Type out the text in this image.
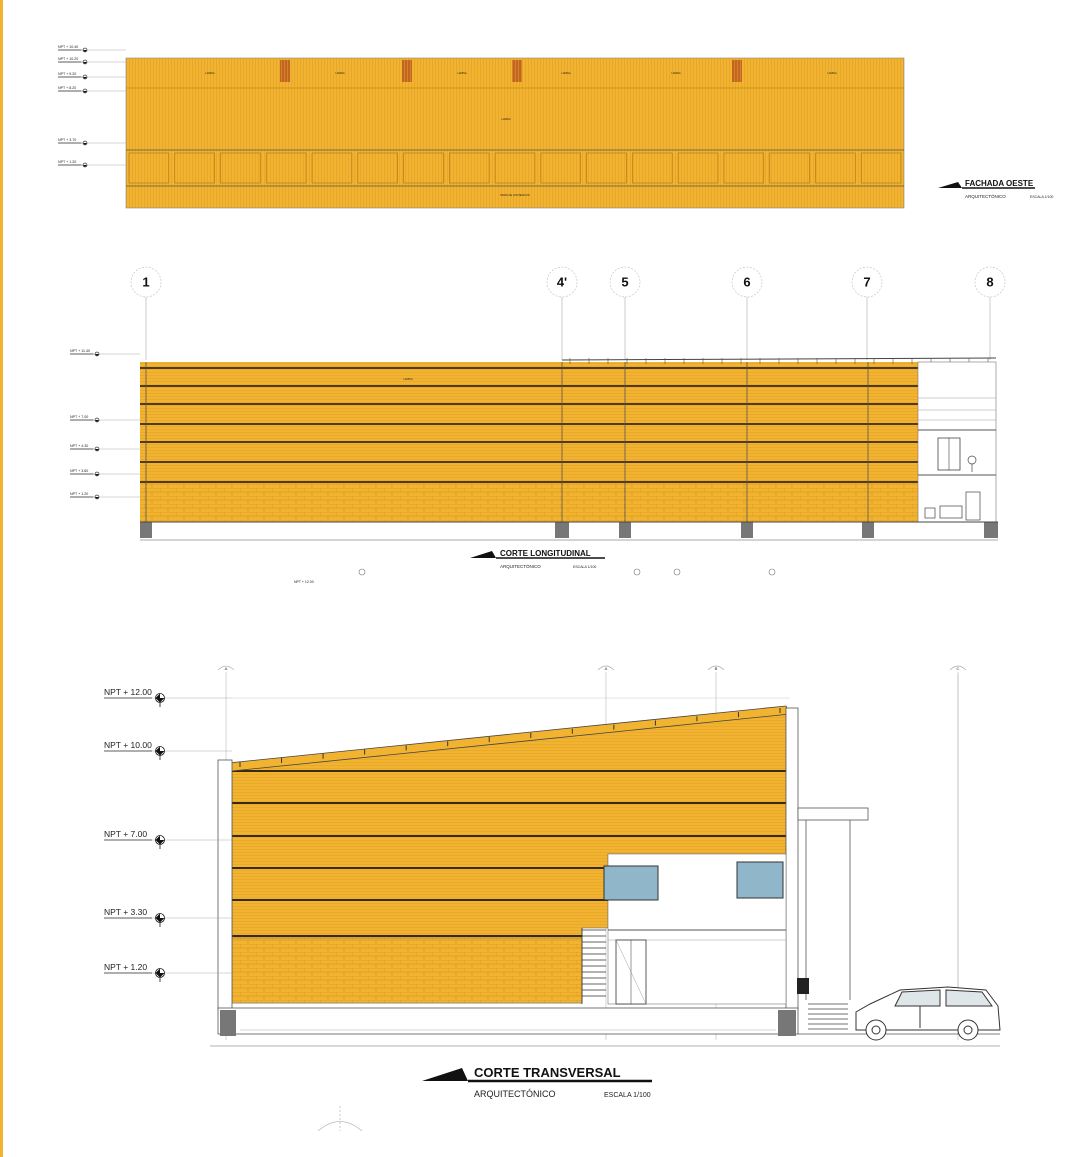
LAMINA	LAMINA	LAMINA	LAMINA	LAMINA	LAMINA
LAMINA
MURO DE CONTENCION
NPT + 10.40
NPT + 10.20
NPT + 9.20
NPT + 8.20
NPT + 3.70
NPT + 1.20
FACHADA OESTE
ARQUITECTÓNICO	ESCALA 1/100
1	4'	5	6	7	8
LAMINA
NPT + 11.40
NPT + 7.00
NPT + 4.30
NPT + 3.60
NPT + 1.20
CORTE LONGITUDINAL
ARQUITECTÓNICO	ESCALA 1/100
NPT + 12.00
A	A	B	C
NPT + 12.00
NPT + 10.00
NPT + 7.00
NPT + 3.30
NPT + 1.20
CORTE TRANSVERSAL
ARQUITECTÓNICO	ESCALA 1/100
